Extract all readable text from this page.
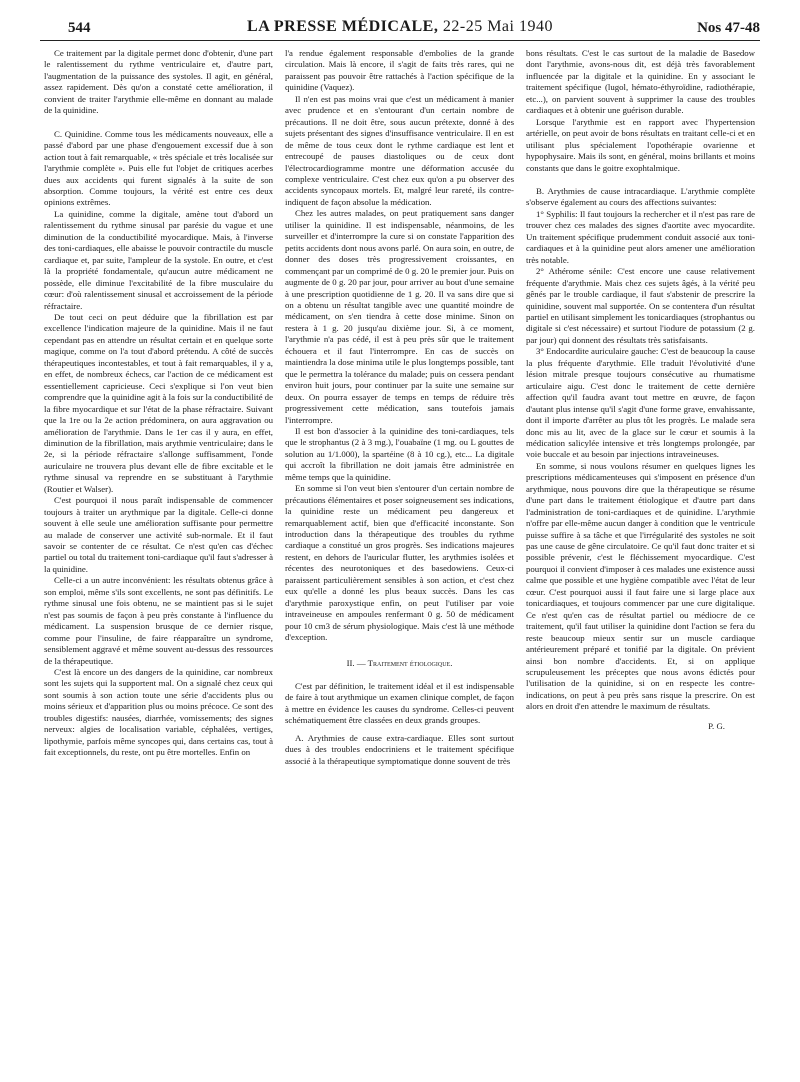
544	LA PRESSE MÉDICALE, 22-25 Mai 1940	Nos 47-48

Ce traitement par la digitale permet donc d'obtenir, d'une part le ralentissement du rythme ventriculaire et, d'autre part, l'augmentation de la puissance des systoles. Il agit, en général, assez rapidement. Dès qu'on a constaté cette amélioration, il convient de traiter l'arythmie elle-même en donnant au malade de la quinidine.

C. Quinidine. Comme tous les médicaments nouveaux, elle a passé d'abord par une phase d'engouement excessif due à son action tout à fait remarquable, « très spéciale et très localisée sur l'arythmie complète ». Puis elle fut l'objet de critiques acerbes dues aux accidents qui furent signalés à la suite de son absorption. Comme toujours, la vérité est entre ces deux opinions extrêmes.

La quinidine, comme la digitale, amène tout d'abord un ralentissement du rythme sinusal par parésie du vague et une diminution de la conductibilité myocardique. Mais, à l'inverse des toni-cardiaques, elle abaisse le pouvoir contractile du muscle cardiaque et, par suite, l'ampleur de la systole. En outre, et c'est là la propriété fondamentale, qu'aucun autre médicament ne possède, elle diminue l'excitabilité de la fibre musculaire du cœur: d'où ralentissement sinusal et accroissement de la période réfractaire.

De tout ceci on peut déduire que la fibrillation est par excellence l'indication majeure de la quinidine. Mais il ne faut cependant pas en attendre un résultat certain et en quelque sorte magique, comme on l'a tout d'abord prétendu. A côté de succès thérapeutiques incontestables, et tout à fait remarquables, il y a, en effet, de nombreux échecs, car l'action de ce médicament est essentiellement capricieuse. Ceci s'explique si l'on veut bien comprendre que la quinidine agit à la fois sur la conductibilité de la fibre myocardique et sur l'état de la phase réfractaire. Suivant que la 1re ou la 2e action prédominera, on aura aggravation ou amélioration de l'arythmie. Dans le 1er cas il y aura, en effet, diminution de la fibrillation, mais arythmie ventriculaire; dans le 2e, si la période réfractaire s'allonge suffisamment, l'onde auriculaire ne trouvera plus devant elle de fibre excitable et le rythme sinusal va reprendre en se substituant à l'arythmie (Routier et Walser).

C'est pourquoi il nous paraît indispensable de commencer toujours à traiter un arythmique par la digitale. Celle-ci donne souvent à elle seule une amélioration suffisante pour permettre au malade de conserver une activité sub-normale. Et il faut savoir se contenter de ce résultat. Ce n'est qu'en cas d'échec partiel ou total du traitement toni-cardiaque qu'il faut s'adresser à la quinidine.

Celle-ci a un autre inconvénient: les résultats obtenus grâce à son emploi, même s'ils sont excellents, ne sont pas définitifs. Le rythme sinusal une fois obtenu, ne se maintient pas si le sujet n'est pas soumis de façon à peu près constante à l'influence du médicament. La suspension brusque de ce dernier risque, comme pour l'insuline, de faire réapparaître un syndrome, sensiblement aggravé et même souvent au-dessus des ressources de la thérapeutique.

C'est là encore un des dangers de la quinidine, car nombreux sont les sujets qui la supportent mal. On a signalé chez ceux qui sont soumis à son action toute une série d'accidents plus ou moins sérieux et d'apparition plus ou moins précoce. Ce sont des troubles digestifs: nausées, diarrhée, vomissements; des signes nerveux: algies de localisation variable, céphalées, vertiges, lipothymie, parfois même syncopes qui, dans certains cas, tout à fait exceptionnels, du reste, ont pu être mortelles. Enfin on

l'a rendue également responsable d'embolies de la grande circulation. Mais là encore, il s'agit de faits très rares, qui ne paraissent pas pouvoir être rattachés à l'action spécifique de la quinidine (Vaquez).

Il n'en est pas moins vrai que c'est un médicament à manier avec prudence et en s'entourant d'un certain nombre de précautions. Il ne doit être, sous aucun prétexte, donné à des sujets présentant des signes d'insuffisance ventriculaire. Il en est de même de tous ceux dont le rythme cardiaque est lent et entrecoupé de pauses diastoliques ou de ceux dont l'électrocardiogramme montre une déformation accusée du complexe ventriculaire. C'est chez eux qu'on a pu observer des accidents syncopaux mortels. Et, malgré leur rareté, ils contre-indiquent de façon absolue la médication.

Chez les autres malades, on peut pratiquement sans danger utiliser la quinidine. Il est indispensable, néanmoins, de les surveiller et d'interrompre la cure si on constate l'apparition des petits accidents dont nous avons parlé. On aura soin, en outre, de donner des doses très progressivement croissantes, en commençant par un comprimé de 0 g. 20 le premier jour. Puis on augmente de 0 g. 20 par jour, pour arriver au bout d'une semaine à une prescription quotidienne de 1 g. 20. Il va sans dire que si on a obtenu un résultat tangible avec une quantité moindre de médicament, on s'en tiendra à cette dose minime. Sinon on restera à 1 g. 20 jusqu'au dixième jour. Si, à ce moment, l'arythmie n'a pas cédé, il est à peu près sûr que le traitement échouera et il faut l'interrompre. En cas de succès on maintiendra la dose minima utile le plus longtemps possible, tant que le permettra la tolérance du malade; puis on cessera pendant environ huit jours, pour continuer par la suite une semaine sur deux. On pourra essayer de temps en temps de réduire très progressivement cette médication, sans toutefois jamais l'interrompre.

Il est bon d'associer à la quinidine des toni-cardiaques, tels que le strophantus (2 à 3 mg.), l'ouabaïne (1 mg. ou L gouttes de solution au 1/1.000), la spartéine (8 à 10 cg.), etc... La digitale qui accroît la fibrillation ne doit jamais être administrée en même temps que la quinidine.

En somme si l'on veut bien s'entourer d'un certain nombre de précautions élémentaires et poser soigneusement ses indications, la quinidine reste un médicament peu dangereux et remarquablement actif, bien que d'efficacité inconstante. Son introduction dans la thérapeutique des troubles du rythme cardiaque a constitué un gros progrès. Ses indications majeures restent, en dehors de l'auricular flutter, les arythmies isolées et récentes des neurotoniques et des basedowiens. Ceux-ci paraissent particulièrement sensibles à son action, et c'est chez eux qu'elle a donné les plus beaux succès. Dans les cas d'arythmie paroxystique enfin, on peut l'utiliser par voie intraveineuse en ampoules renfermant 0 g. 50 de médicament pour 10 cm3 de sérum physiologique. Mais c'est là une méthode d'exception.

II. — Traitement étiologique.

C'est par définition, le traitement idéal et il est indispensable de faire à tout arythmique un examen clinique complet, de façon à mettre en évidence les causes du syndrome. Celles-ci peuvent schématiquement être classées en deux grands groupes.

A. Arythmies de cause extra-cardiaque. Elles sont surtout dues à des troubles endocriniens et le traitement spécifique associé à la thérapeutique symptomatique donne souvent de très

bons résultats. C'est le cas surtout de la maladie de Basedow dont l'arythmie, avons-nous dit, est déjà très favorablement influencée par la digitale et la quinidine. En y associant le traitement spécifique (lugol, hémato-éthyroïdine, radiothérapie, etc...), on parvient souvent à supprimer la cause des troubles cardiaques et à obtenir une guérison durable.

Lorsque l'arythmie est en rapport avec l'hypertension artérielle, on peut avoir de bons résultats en traitant celle-ci et en utilisant plus spécialement l'opothérapie ovarienne et hypophysaire. Mais ils sont, en général, moins brillants et moins constants que dans le goitre exophtalmique.

B. Arythmies de cause intracardiaque. L'arythmie complète s'observe également au cours des affections suivantes:

1° Syphilis: Il faut toujours la rechercher et il n'est pas rare de trouver chez ces malades des signes d'aortite avec myocardite. Un traitement spécifique prudemment conduit associé aux toni-cardiaques et à la quinidine peut alors amener une amélioration très notable.

2° Athérome sénile: C'est encore une cause relativement fréquente d'arythmie. Mais chez ces sujets âgés, à la vérité peu gênés par le trouble cardiaque, il faut s'abstenir de prescrire la quinidine, souvent mal supportée. On se contentera d'un résultat partiel en utilisant simplement les tonicardiaques (strophantus ou digitale si c'est nécessaire) et surtout l'iodure de potassium (2 g. par jour) qui donnent des résultats très satisfaisants.

3° Endocardite auriculaire gauche: C'est de beaucoup la cause la plus fréquente d'arythmie. Elle traduit l'évolutivité d'une lésion mitrale presque toujours consécutive au rhumatisme articulaire aigu. C'est donc le traitement de cette dernière affection qu'il faudra avant tout mettre en œuvre, de façon d'autant plus intense qu'il s'agit d'une forme grave, envahissante, dont il importe d'arrêter au plus tôt les progrès. Le malade sera donc mis au lit, avec de la glace sur le cœur et soumis à la médication salicylée intensive et très longtemps prolongée, par voie buccale et au besoin par injections intraveineuses.

En somme, si nous voulons résumer en quelques lignes les prescriptions médicamenteuses qui s'imposent en présence d'un arythmique, nous pouvons dire que la thérapeutique se résume d'une part dans le traitement étiologique et d'autre part dans l'administration de toni-cardiaques et de quinidine. L'arythmie n'offre par elle-même aucun danger à condition que le ventricule puisse suffire à sa tâche et que l'irrégularité des systoles ne soit pas une cause de gêne circulatoire. Ce qu'il faut donc traiter et si possible prévenir, c'est le fléchissement myocardique. C'est pourquoi il convient d'imposer à ces malades une existence aussi calme que possible et une hygiène compatible avec l'état de leur cœur. C'est pourquoi aussi il faut faire une si large place aux tonicardiaques, et toujours commencer par une cure digitalique. Ce n'est qu'en cas de résultat partiel ou médiocre de ce traitement, qu'il faut utiliser la quinidine dont l'action se fera du reste beaucoup mieux sentir sur un muscle cardiaque antérieurement préparé et tonifié par la digitale. On prévient ainsi bon nombre d'accidents. Et, si on applique scrupuleusement les préceptes que nous avons édictés pour l'utilisation de la quinidine, si on en respecte les contre-indications, on peut à peu près sans risque la prescrire. On est alors en droit d'en attendre le maximum de résultats.

P. G.
